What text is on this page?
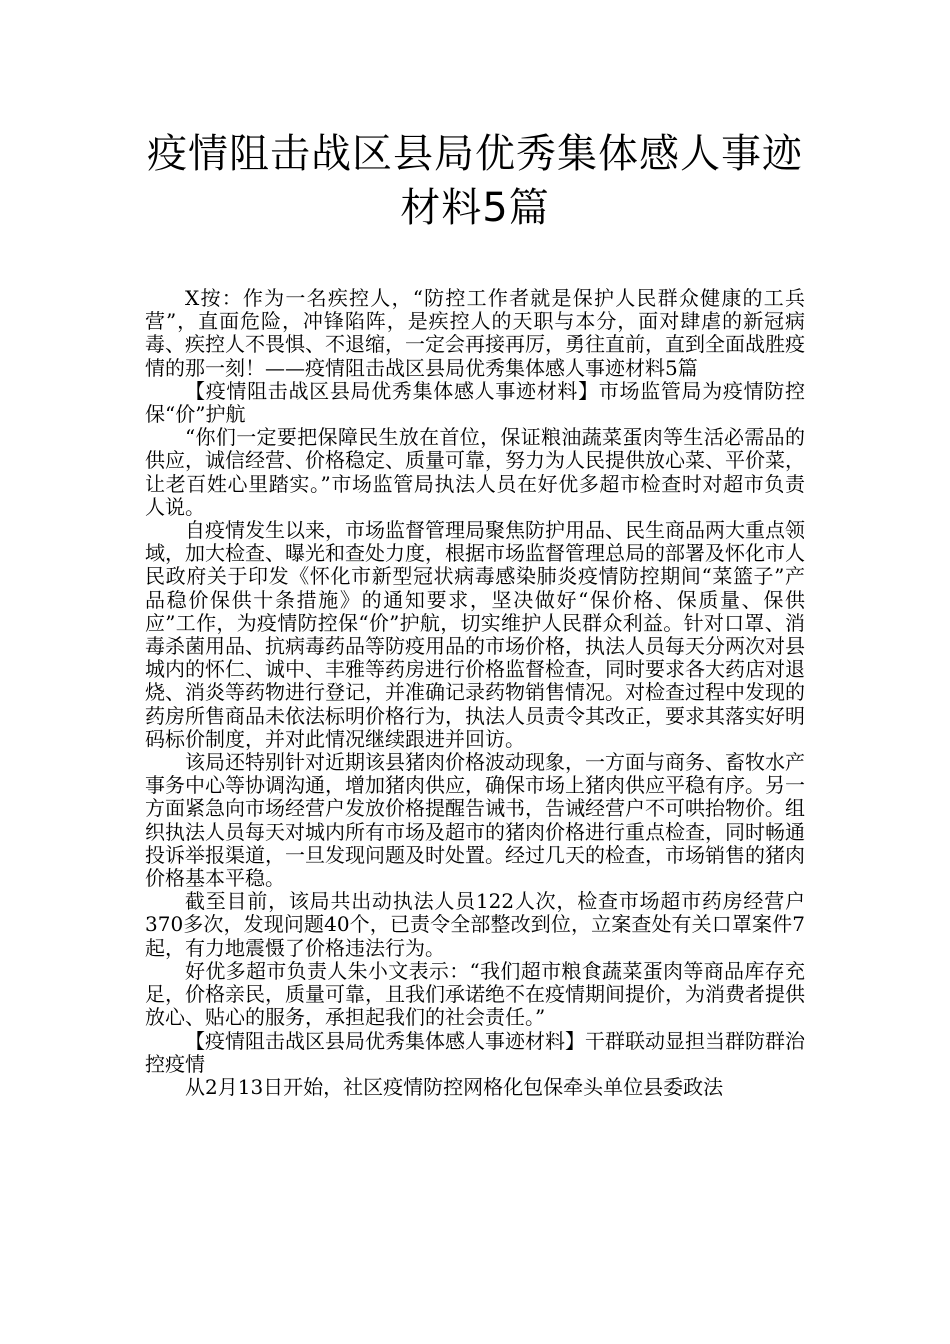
疫情阻击战区县局优秀集体感人事迹材料5篇

X按：作为一名疾控人，“防控工作者就是保护人民群众健康的工兵营”，直面危险，冲锋陷阵，是疾控人的天职与本分，面对肆虐的新冠病毒、疾控人不畏惧、不退缩，一定会再接再厉，勇往直前，直到全面战胜疫情的那一刻！——疫情阻击战区县局优秀集体感人事迹材料5篇

【疫情阻击战区县局优秀集体感人事迹材料】市场监管局为疫情防控保“价”护航

“你们一定要把保障民生放在首位，保证粮油蔬菜蛋肉等生活必需品的供应，诚信经营、价格稳定、质量可靠，努力为人民提供放心菜、平价菜，让老百姓心里踏实。”市场监管局执法人员在好优多超市检查时对超市负责人说。

自疫情发生以来，市场监督管理局聚焦防护用品、民生商品两大重点领域，加大检查、曝光和查处力度，根据市场监督管理总局的部署及怀化市人民政府关于印发《怀化市新型冠状病毒感染肺炎疫情防控期间“菜篮子”产品稳价保供十条措施》的通知要求，坚决做好“保价格、保质量、保供应”工作，为疫情防控保“价”护航，切实维护人民群众利益。针对口罩、消毒杀菌用品、抗病毒药品等防疫用品的市场价格，执法人员每天分两次对县城内的怀仁、诚中、丰雅等药房进行价格监督检查，同时要求各大药店对退烧、消炎等药物进行登记，并准确记录药物销售情况。对检查过程中发现的药房所售商品未依法标明价格行为，执法人员责令其改正，要求其落实好明码标价制度，并对此情况继续跟进并回访。

该局还特别针对近期该县猪肉价格波动现象，一方面与商务、畜牧水产事务中心等协调沟通，增加猪肉供应，确保市场上猪肉供应平稳有序。另一方面紧急向市场经营户发放价格提醒告诫书，告诫经营户不可哄抬物价。组织执法人员每天对城内所有市场及超市的猪肉价格进行重点检查，同时畅通投诉举报渠道，一旦发现问题及时处置。经过几天的检查，市场销售的猪肉价格基本平稳。

截至目前，该局共出动执法人员122人次，检查市场超市药房经营户370多次，发现问题40个，已责令全部整改到位，立案查处有关口罩案件7起，有力地震慑了价格违法行为。

好优多超市负责人朱小文表示：“我们超市粮食蔬菜蛋肉等商品库存充足，价格亲民，质量可靠，且我们承诺绝不在疫情期间提价，为消费者提供放心、贴心的服务，承担起我们的社会责任。”

【疫情阻击战区县局优秀集体感人事迹材料】干群联动显担当群防群治控疫情

从2月13日开始，社区疫情防控网格化包保牵头单位县委政法
